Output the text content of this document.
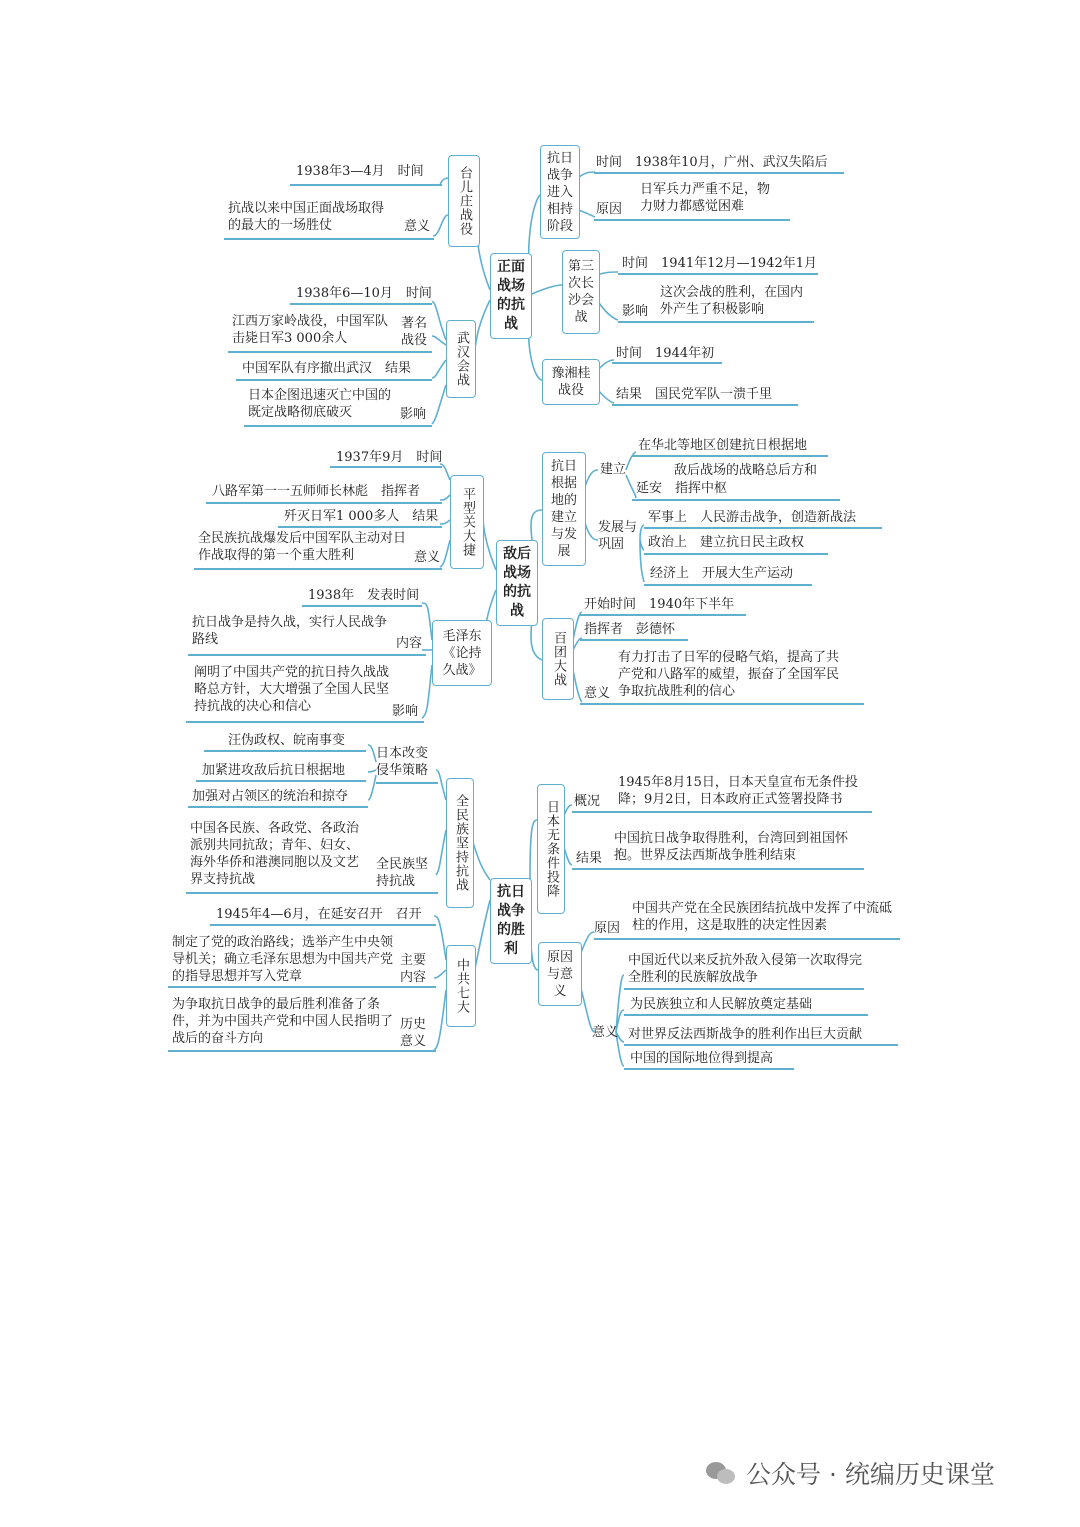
正面战场的抗战
台儿庄战役
1938年3—4月　 时间
抗战以来中国正面战场取得的最大的一场胜仗	意义
武汉会战
1938年6—10月　 时间
江西万家岭战役，中国军队击毙日军3 000余人
著名战役
中国军队有序撤出武汉　 结果
日本企图迅速灭亡中国的既定战略彻底破灭	影响
抗日战争进入相持阶段
时间　 1938年10月，广州、武汉失陷后
原因
日军兵力严重不足，物力财力都感觉困难
第三次长沙会战
时间　 1941年12月—1942年1月
影响
这次会战的胜利，在国内外产生了积极影响
豫湘桂战役
时间　 1944年初
结果　 国民党军队一溃千里
敌后战场的抗战
平型关大捷
1937年9月　 时间
八路军第一一五师师长林彪　 指挥者
歼灭日军1 000多人　 结果
全民族抗战爆发后中国军队主动对日作战取得的第一个重大胜利	意义
毛泽东《论持久战》
1938年　 发表时间
抗日战争是持久战，实行人民战争路线	内容
阐明了中国共产党的抗日持久战战略总方针，大大增强了全国人民坚持抗战的决心和信心	影响
抗日根据地的建立与发展
建立
在华北等地区创建抗日根据地
敌后战场的战略总后方和
延安　指挥中枢
发展与巩固
军事上　人民游击战争，创造新战法
政治上　建立抗日民主政权
经济上　开展大生产运动
百团大战
开始时间　 1940年下半年
指挥者　 彭德怀
意义
有力打击了日军的侵略气焰，提高了共产党和八路军的威望，振奋了全国军民争取抗战胜利的信心
抗日战争的胜利
全民族坚持抗战
日本改变侵华策略
汪伪政权、皖南事变
加紧进攻敌后抗日根据地
加强对占领区的统治和掠夺
中国各民族、各政党、各政治派别共同抗敌；青年、妇女、海外华侨和港澳同胞以及文艺界支持抗战
全民族坚持抗战
中共七大
1945年4—6月，在延安召开　 召开
制定了党的政治路线；选举产生中央领导机关；确立毛泽东思想为中国共产党的指导思想并写入党章
主要内容
为争取抗日战争的最后胜利准备了条件，并为中国共产党和中国人民指明了战后的奋斗方向
历史意义
日本无条件投降 概况
1945年8月15日，日本天皇宣布无条件投降；9月2日，日本政府正式签署投降书
结果
中国抗日战争取得胜利，台湾回到祖国怀抱。世界反法西斯战争胜利结束
原因与意义
原因
中国共产党在全民族团结抗战中发挥了中流砥柱的作用，这是取胜的决定性因素
意义
中国近代以来反抗外敌入侵第一次取得完全胜利的民族解放战争
为民族独立和人民解放奠定基础
对世界反法西斯战争的胜利作出巨大贡献
中国的国际地位得到提高
公众号 · 统编历史课堂
